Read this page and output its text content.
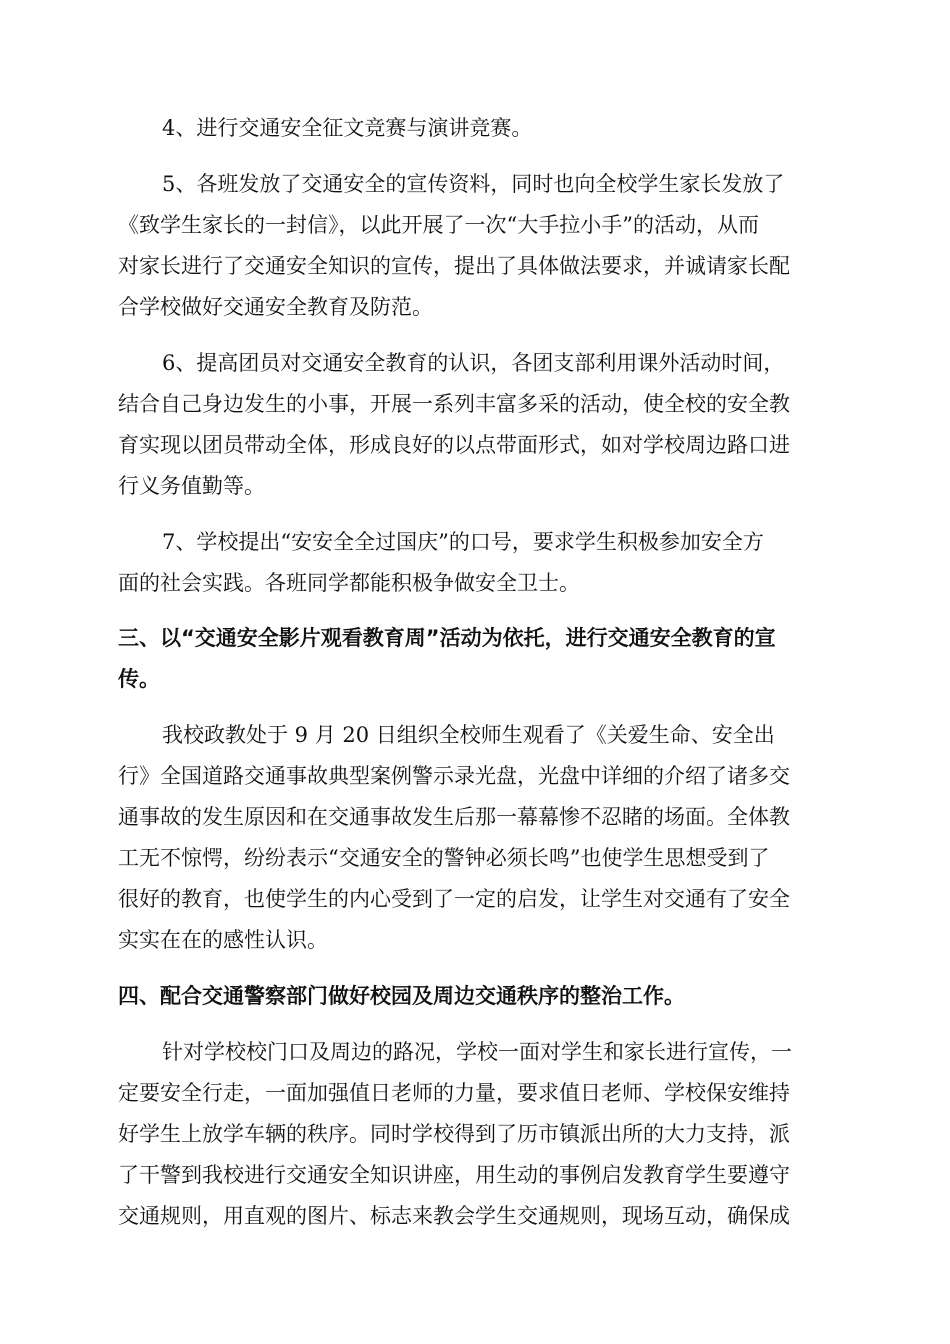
4、进行交通安全征文竞赛与演讲竞赛。
5、各班发放了交通安全的宣传资料，同时也向全校学生家长发放了
《致学生家长的一封信》，以此开展了一次“大手拉小手”的活动，从而
对家长进行了交通安全知识的宣传，提出了具体做法要求，并诚请家长配
合学校做好交通安全教育及防范。
6、提高团员对交通安全教育的认识，各团支部利用课外活动时间，
结合自己身边发生的小事，开展一系列丰富多采的活动，使全校的安全教
育实现以团员带动全体，形成良好的以点带面形式，如对学校周边路口进
行义务值勤等。
7、学校提出“安安全全过国庆”的口号，要求学生积极参加安全方
面的社会实践。各班同学都能积极争做安全卫士。
三、以“交通安全影片观看教育周”活动为依托，进行交通安全教育的宣
传。
我校政教处于 9 月 20 日组织全校师生观看了《关爱生命、安全出
行》全国道路交通事故典型案例警示录光盘，光盘中详细的介绍了诸多交
通事故的发生原因和在交通事故发生后那一幕幕惨不忍睹的场面。全体教
工无不惊愕，纷纷表示“交通安全的警钟必须长鸣”也使学生思想受到了
很好的教育，也使学生的内心受到了一定的启发，让学生对交通有了安全
实实在在的感性认识。
四、配合交通警察部门做好校园及周边交通秩序的整治工作。
针对学校校门口及周边的路况，学校一面对学生和家长进行宣传，一
定要安全行走，一面加强值日老师的力量，要求值日老师、学校保安维持
好学生上放学车辆的秩序。同时学校得到了历市镇派出所的大力支持，派
了干警到我校进行交通安全知识讲座，用生动的事例启发教育学生要遵守
交通规则，用直观的图片、标志来教会学生交通规则，现场互动，确保成
